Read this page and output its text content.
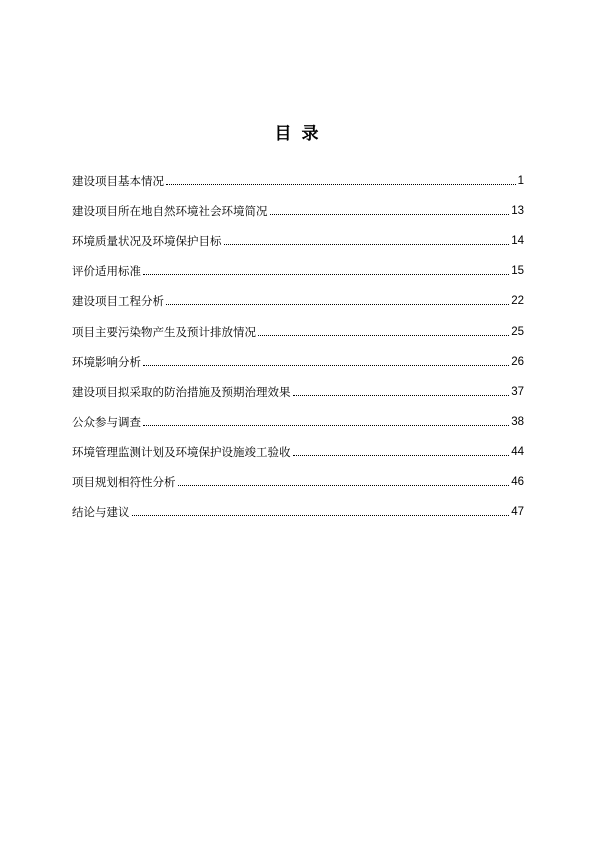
目 录
建设项目基本情况	1
建设项目所在地自然环境社会环境简况	13
环境质量状况及环境保护目标	14
评价适用标准	15
建设项目工程分析	22
项目主要污染物产生及预计排放情况	25
环境影响分析	26
建设项目拟采取的防治措施及预期治理效果	37
公众参与调查	38
环境管理监测计划及环境保护设施竣工验收	44
项目规划相符性分析	46
结论与建议	47
